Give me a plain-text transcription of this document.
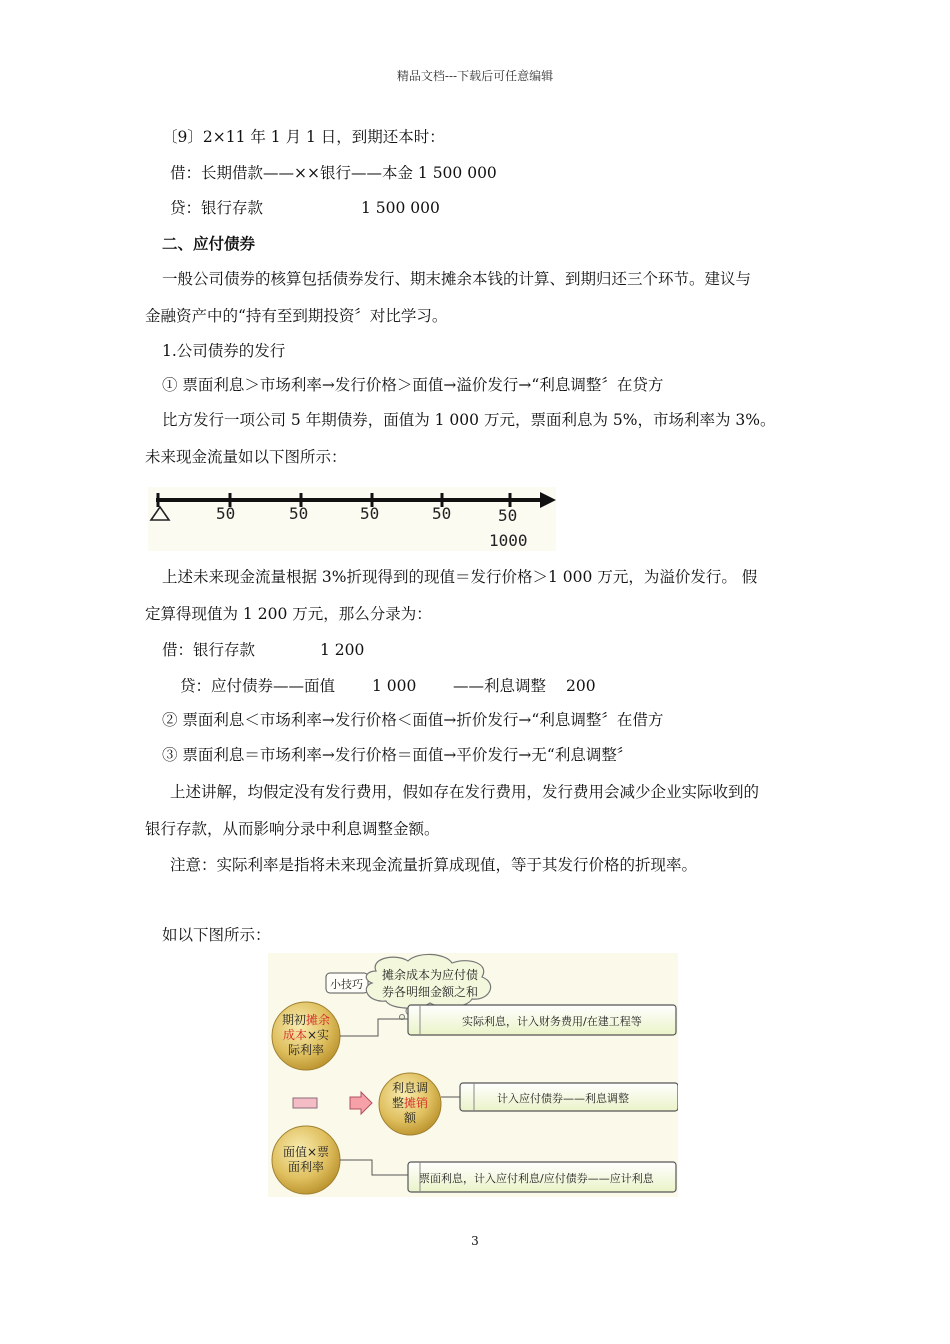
精品文档---下载后可任意编辑
〔9〕2×11 年 1 月 1 日，到期还本时：
借：长期借款——××银行——本金 1 500 000
贷：银行存款	1 500 000
二、应付债券
一般公司债券的核算包括债券发行、期末摊余本钱的计算、到期归还三个环节。建议与
金融资产中的“持有至到期投资〞对比学习。
1.公司债券的发行
① 票面利息＞市场利率→发行价格＞面值→溢价发行→“利息调整〞在贷方
比方发行一项公司 5 年期债券，面值为 1 000 万元，票面利息为 5%，市场利率为 3%。
未来现金流量如以下图所示：
50	50	50	50	50
1000
上述未来现金流量根据 3%折现得到的现值＝发行价格＞1 000 万元，为溢价发行。 假
定算得现值为 1 200 万元，那么分录为：
借：银行存款	1 200
贷：应付债券——面值 1 000 ——利息调整 200
② 票面利息＜市场利率→发行价格＜面值→折价发行→“利息调整〞在借方
③ 票面利息＝市场利率→发行价格＝面值→平价发行→无“利息调整〞
上述讲解，均假定没有发行费用，假如存在发行费用，发行费用会减少企业实际收到的
银行存款，从而影响分录中利息调整金额。
注意：实际利率是指将未来现金流量折算成现值，等于其发行价格的折现率。
如以下图所示：
小技巧
摊余成本为应付债
券各明细金额之和
期初摊余
成本×实
际利率
利息调
整摊销
额
面值×票
面利率
实际利息，计入财务费用/在建工程等
计入应付债券——利息调整
票面利息，计入应付利息/应付债券——应计利息
3
